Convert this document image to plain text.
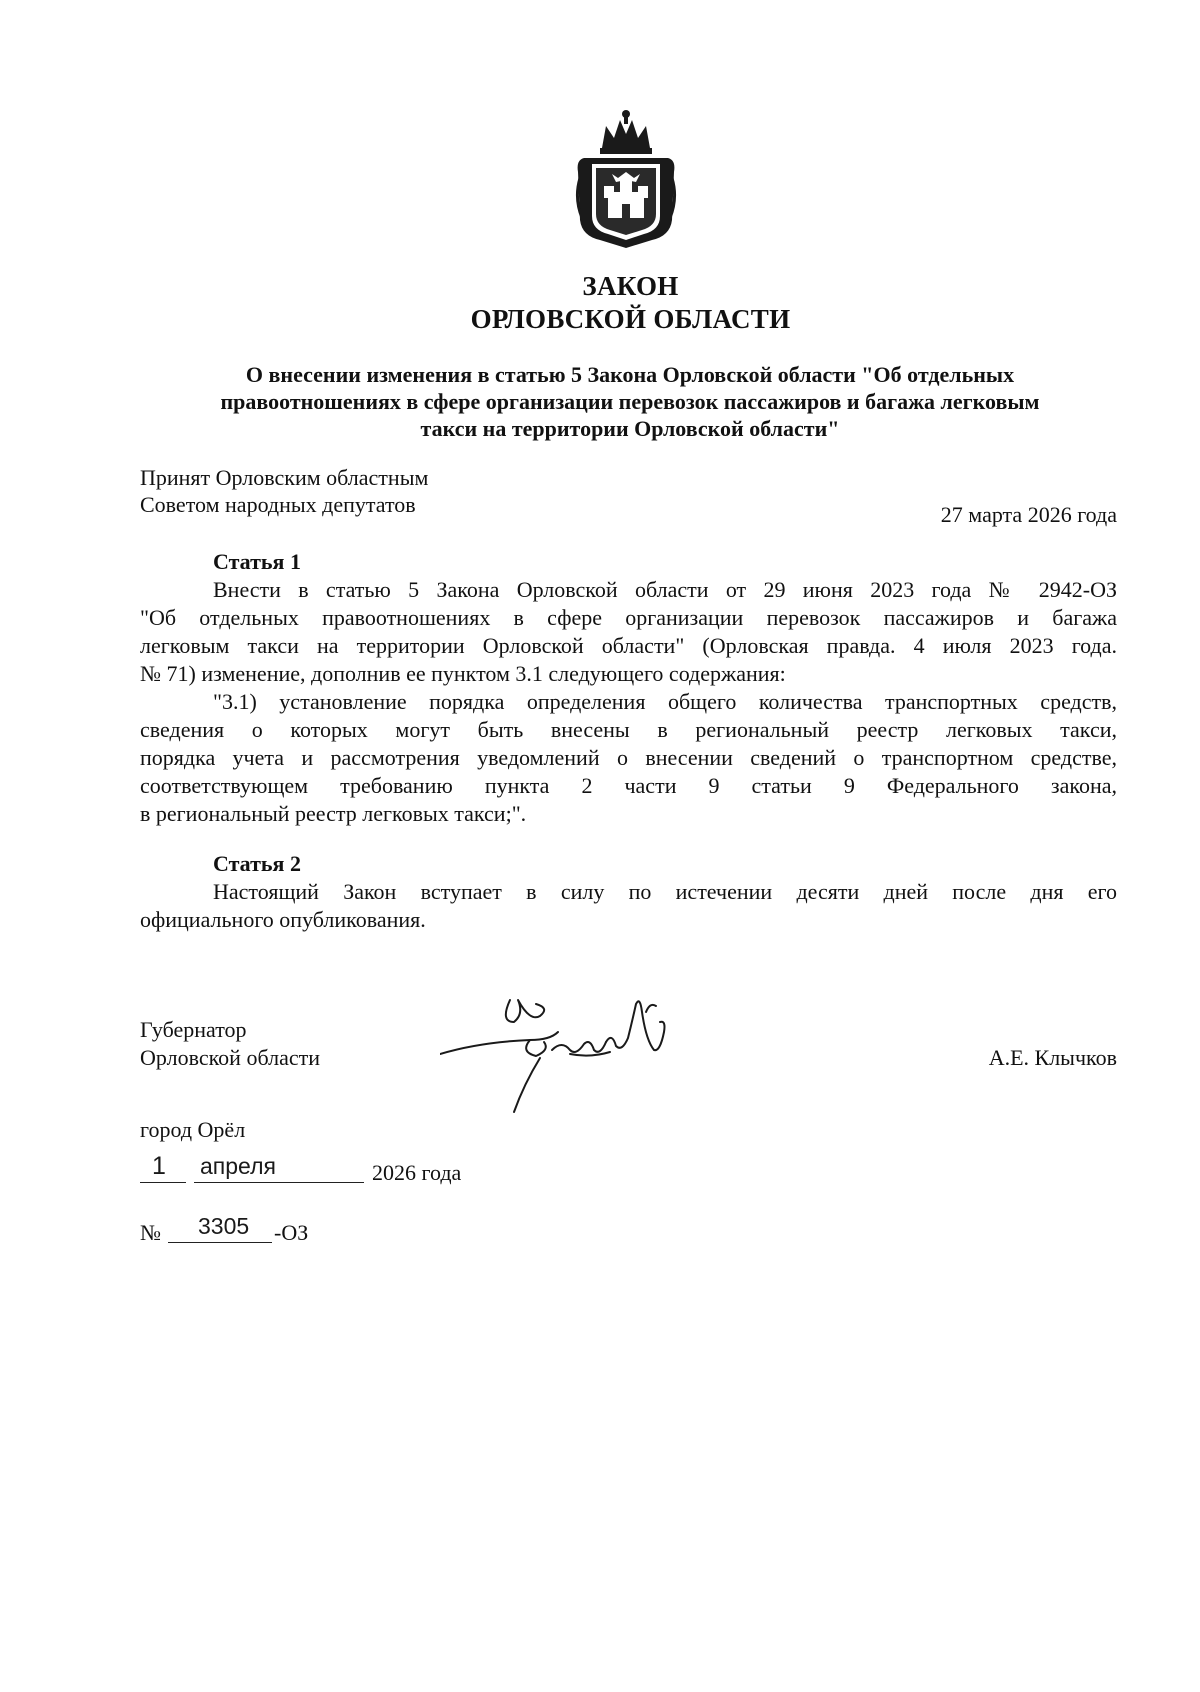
ЗАКОН
ОРЛОВСКОЙ ОБЛАСТИ
О внесении изменения в статью 5 Закона Орловской области "Об отдельных
правоотношениях в сфере организации перевозок пассажиров и багажа легковым
такси на территории Орловской области"
Принят Орловским областным
Советом народных депутатов	27 марта 2026 года
Статья 1
Внести в статью 5 Закона Орловской области от 29 июня 2023 года № 2942-ОЗ
"Об отдельных правоотношениях в сфере организации перевозок пассажиров и багажа
легковым такси на территории Орловской области" (Орловская правда. 4 июля 2023 года.
№ 71) изменение, дополнив ее пунктом 3.1 следующего содержания:
"3.1) установление порядка определения общего количества транспортных средств,
сведения о которых могут быть внесены в региональный реестр легковых такси,
порядка учета и рассмотрения уведомлений о внесении сведений о транспортном средстве,
соответствующем требованию пункта 2 части 9 статьи 9 Федерального закона,
в региональный реестр легковых такси;".
Статья 2
Настоящий Закон вступает в силу по истечении десяти дней после дня его
официального опубликования.
Губернатор
Орловской области	А.Е. Клычков
город Орёл
1 апреля	2026 года
№ 3305 -ОЗ
